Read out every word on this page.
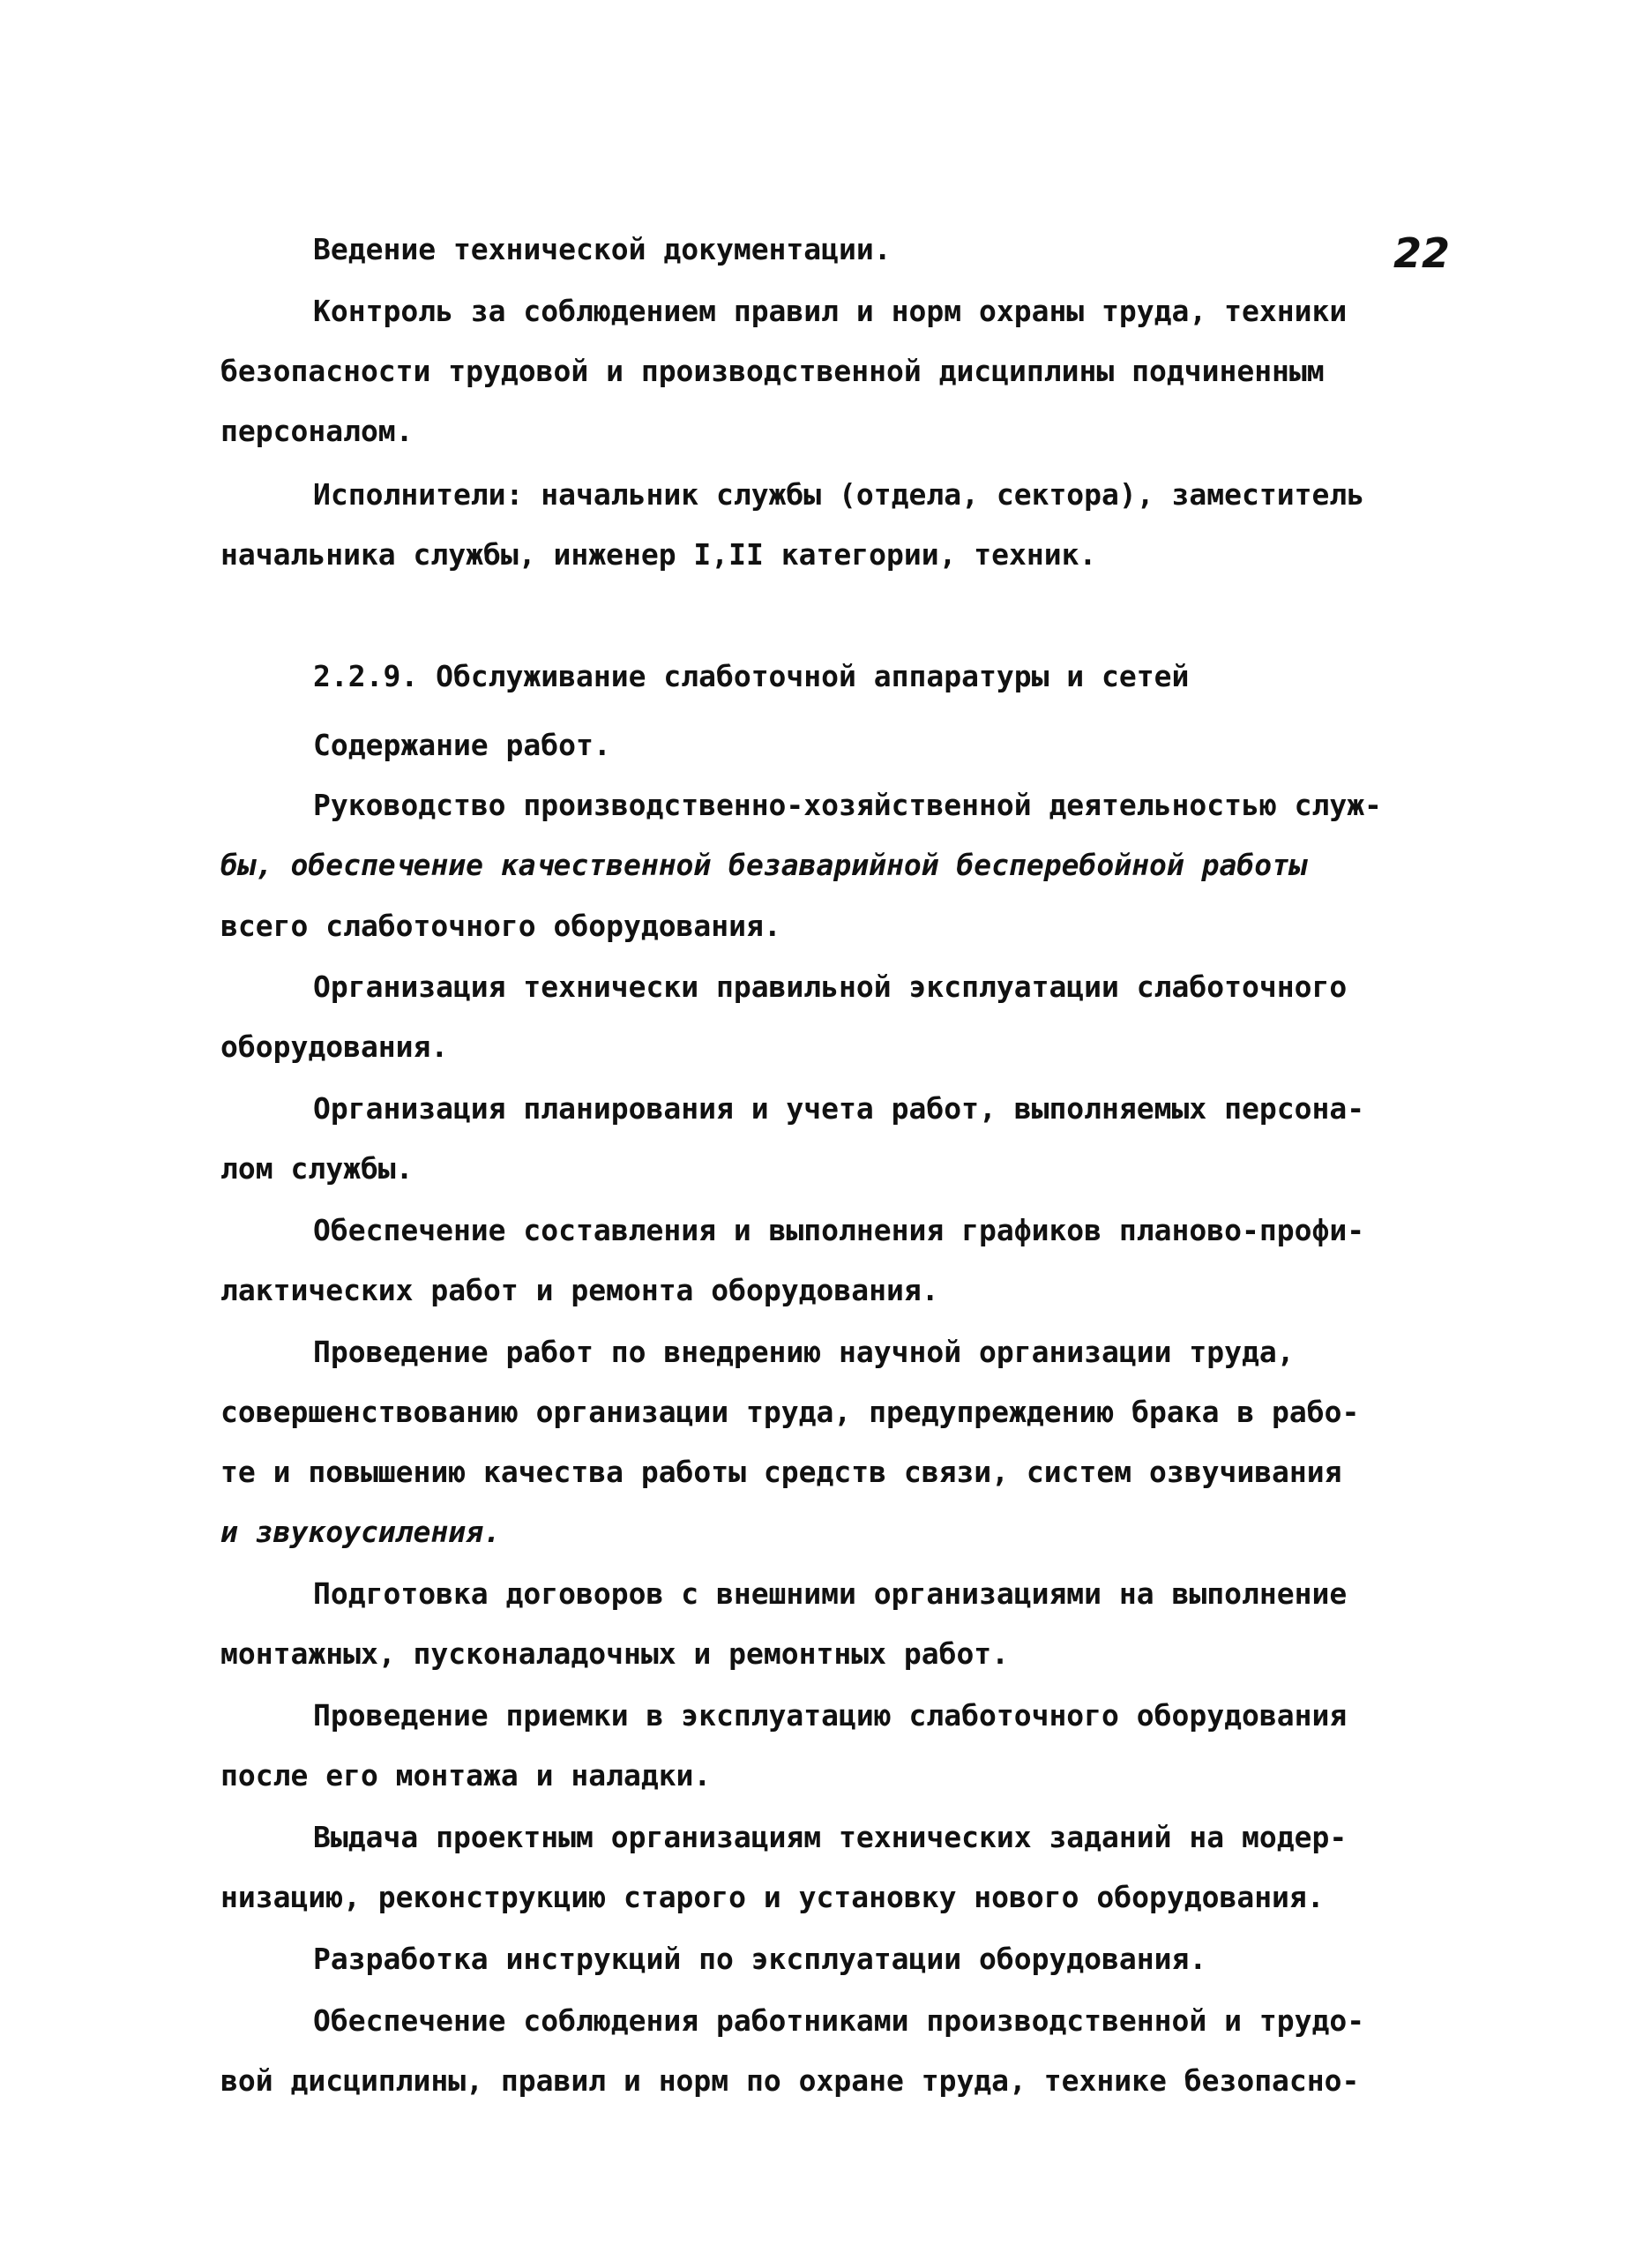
22
Ведение технической документации.
Контроль за соблюдением правил и норм охраны труда, техники
безопасности трудовой и производственной дисциплины подчиненным
персоналом.
Исполнители: начальник службы (отдела, сектора), заместитель
начальника службы, инженер I,II категории, техник.
2.2.9. Обслуживание слаботочной аппаратуры и сетей
Содержание работ.
Руководство производственно-хозяйственной деятельностью служ-
бы, обеспечение качественной безаварийной бесперебойной работы
всего слаботочного оборудования.
Организация технически правильной эксплуатации слаботочного
оборудования.
Организация планирования и учета работ, выполняемых персона-
лом службы.
Обеспечение составления и выполнения графиков планово-профи-
лактических работ и ремонта оборудования.
Проведение работ по внедрению научной организации труда,
совершенствованию организации труда, предупреждению брака в рабо-
те и повышению качества работы средств связи, систем озвучивания
и звукоусиления.
Подготовка договоров с внешними организациями на выполнение
монтажных, пусконаладочных и ремонтных работ.
Проведение приемки в эксплуатацию слаботочного оборудования
после его монтажа и наладки.
Выдача проектным организациям технических заданий на модер-
низацию, реконструкцию старого и установку нового оборудования.
Разработка инструкций по эксплуатации оборудования.
Обеспечение соблюдения работниками производственной и трудо-
вой дисциплины, правил и норм по охране труда, технике безопасно-
